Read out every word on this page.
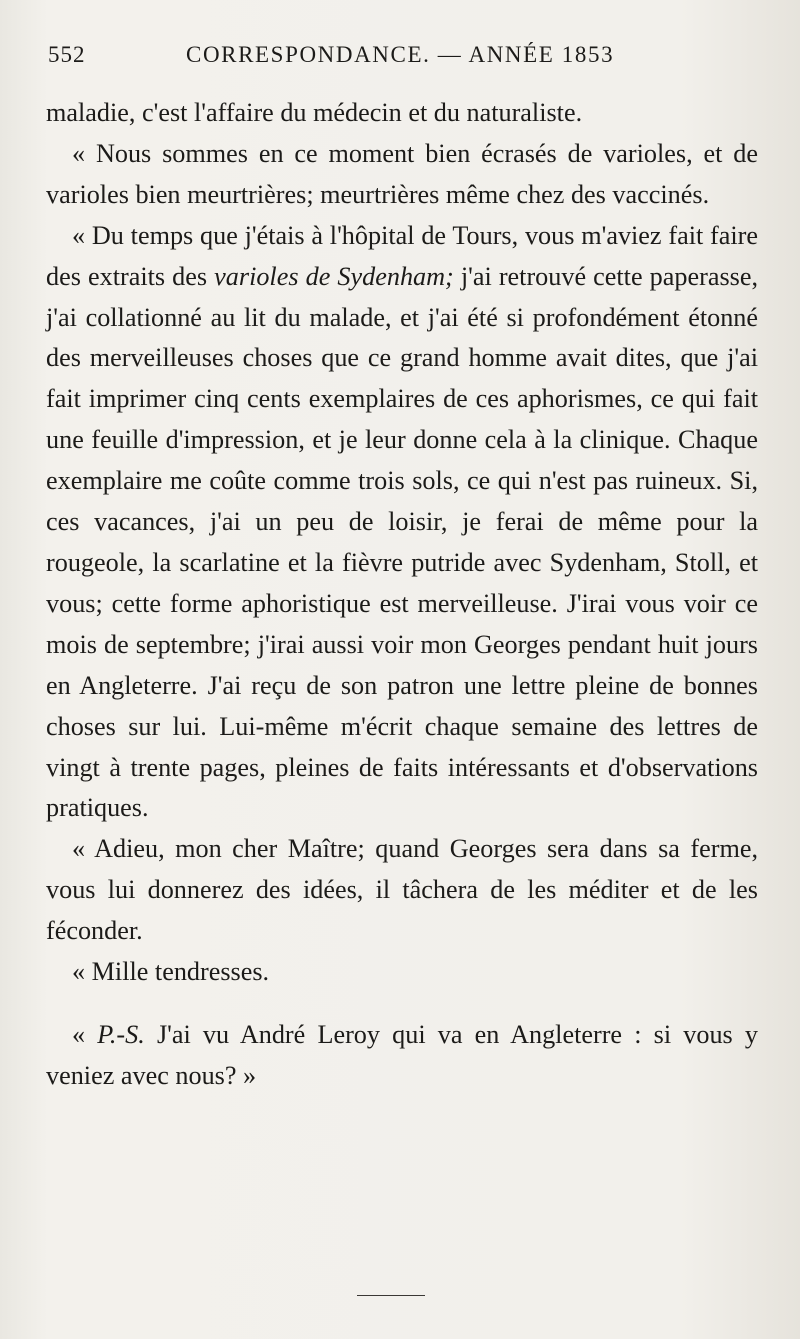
552	CORRESPONDANCE. — ANNÉE 1853

maladie, c'est l'affaire du médecin et du naturaliste.

« Nous sommes en ce moment bien écrasés de varioles, et de varioles bien meurtrières; meurtrières même chez des vaccinés.

« Du temps que j'étais à l'hôpital de Tours, vous m'aviez fait faire des extraits des varioles de Sydenham; j'ai retrouvé cette paperasse, j'ai collationné au lit du malade, et j'ai été si profondément étonné des merveilleuses choses que ce grand homme avait dites, que j'ai fait imprimer cinq cents exemplaires de ces aphorismes, ce qui fait une feuille d'impression, et je leur donne cela à la clinique. Chaque exemplaire me coûte comme trois sols, ce qui n'est pas ruineux. Si, ces vacances, j'ai un peu de loisir, je ferai de même pour la rougeole, la scarlatine et la fièvre putride avec Sydenham, Stoll, et vous; cette forme aphoristique est merveilleuse. J'irai vous voir ce mois de septembre; j'irai aussi voir mon Georges pendant huit jours en Angleterre. J'ai reçu de son patron une lettre pleine de bonnes choses sur lui. Lui-même m'écrit chaque semaine des lettres de vingt à trente pages, pleines de faits intéressants et d'observations pratiques.

« Adieu, mon cher Maître; quand Georges sera dans sa ferme, vous lui donnerez des idées, il tâchera de les méditer et de les féconder.

« Mille tendresses.

« P.-S. J'ai vu André Leroy qui va en Angleterre : si vous y veniez avec nous? »
